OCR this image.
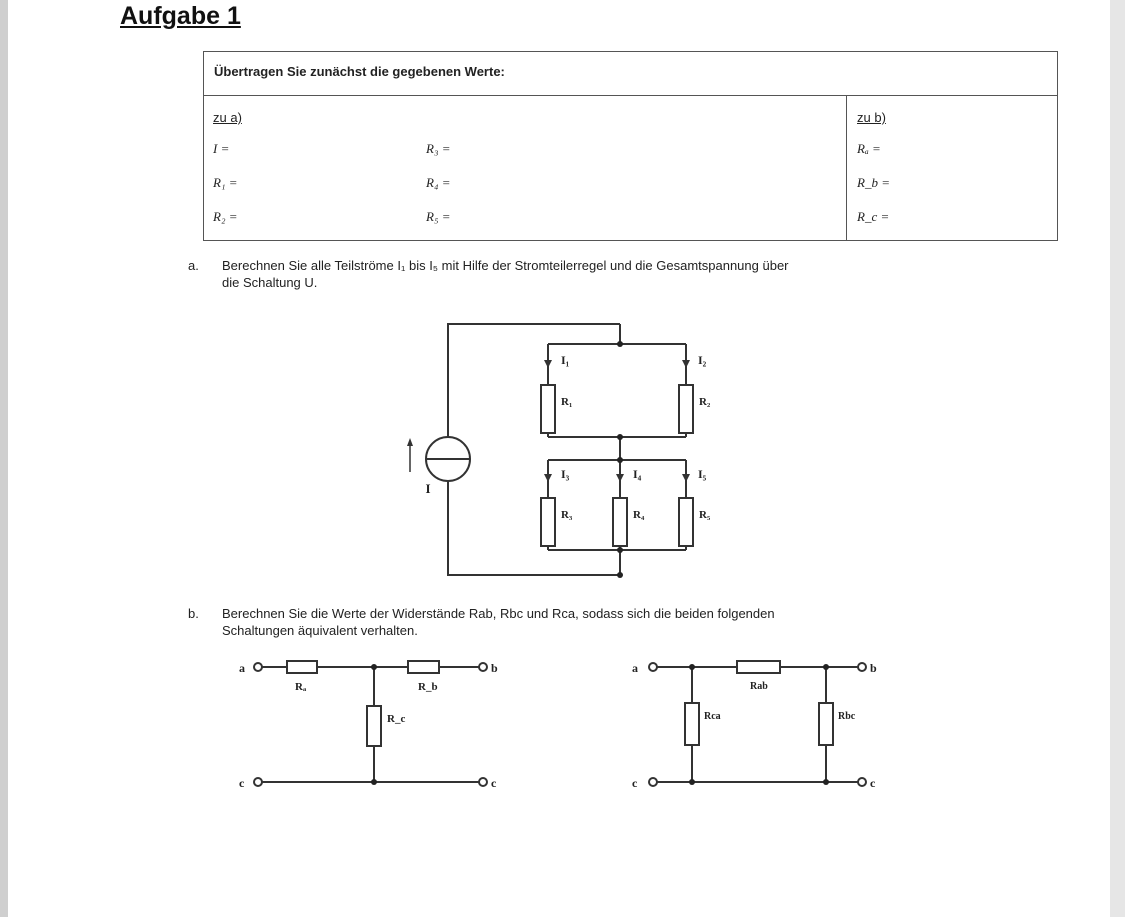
Aufgabe 1
Übertragen Sie zunächst die gegebenen Werte:

zu a)
I =
R₁ =
R₂ =
R₃ =
R₄ =
R₅ =

zu b)
Rₐ =
R_b =
R_c =
a. Berechnen Sie alle Teilströme I₁ bis I₅ mit Hilfe der Stromteilerregel und die Gesamtspannung über
die Schaltung U.
I
I₁	I₂
I₃	I₄	I₅
R₁	R₂
R₃	R₄	R₅
b. Berechnen Sie die Werte der Widerstände Rab, Rbc und Rca, sodass sich die beiden folgenden
Schaltungen äquivalent verhalten.
a	b
c	c
Rₐ	R_b
R_c
a	b
c	c
Rab
Rca	Rbc
